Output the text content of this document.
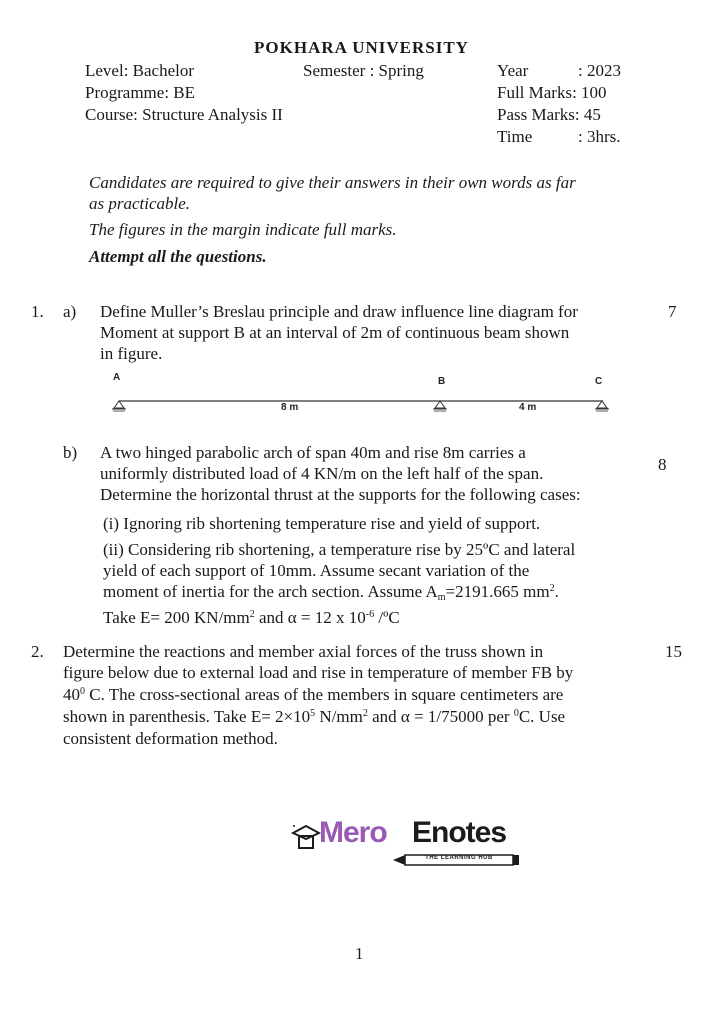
POKHARA UNIVERSITY
Level: Bachelor	Semester : Spring	Year	: 2023
Programme: BE	Full Marks: 100
Course: Structure Analysis II	Pass Marks: 45
Time	: 3hrs.
Candidates are required to give their answers in their own words as far
as practicable.
The figures in the margin indicate full marks.
Attempt all the questions.
1. a) Define Muller’s Breslau principle and draw influence line diagram for
Moment at support B at an interval of 2m of continuous beam shown
in figure.
7
A	B	C
8 m	4 m
b) A two hinged parabolic arch of span 40m and rise 8m carries a
uniformly distributed load of 4 KN/m on the left half of the span.
Determine the horizontal thrust at the supports for the following cases:
8
(i) Ignoring rib shortening temperature rise and yield of support.
(ii) Considering rib shortening, a temperature rise by 25ºC and lateral
yield of each support of 10mm. Assume secant variation of the
moment of inertia for the arch section. Assume $A_m=2191.665$ $mm^2$.
Take E= 200 $KN/mm^2$ and α = 12 x $10^{-6}$ /ºC
2.	15
Determine the reactions and member axial forces of the truss shown in
figure below due to external load and rise in temperature of member FB by
$40^0$ C. The cross-sectional areas of the members in square centimeters are
shown in parenthesis. Take $E= 2\times 10^5$ $N/mm^2$ and α = 1/75000 per $^0$C. Use
consistent deformation method.
Mero Enotes
THE LEARNING HUB
1
